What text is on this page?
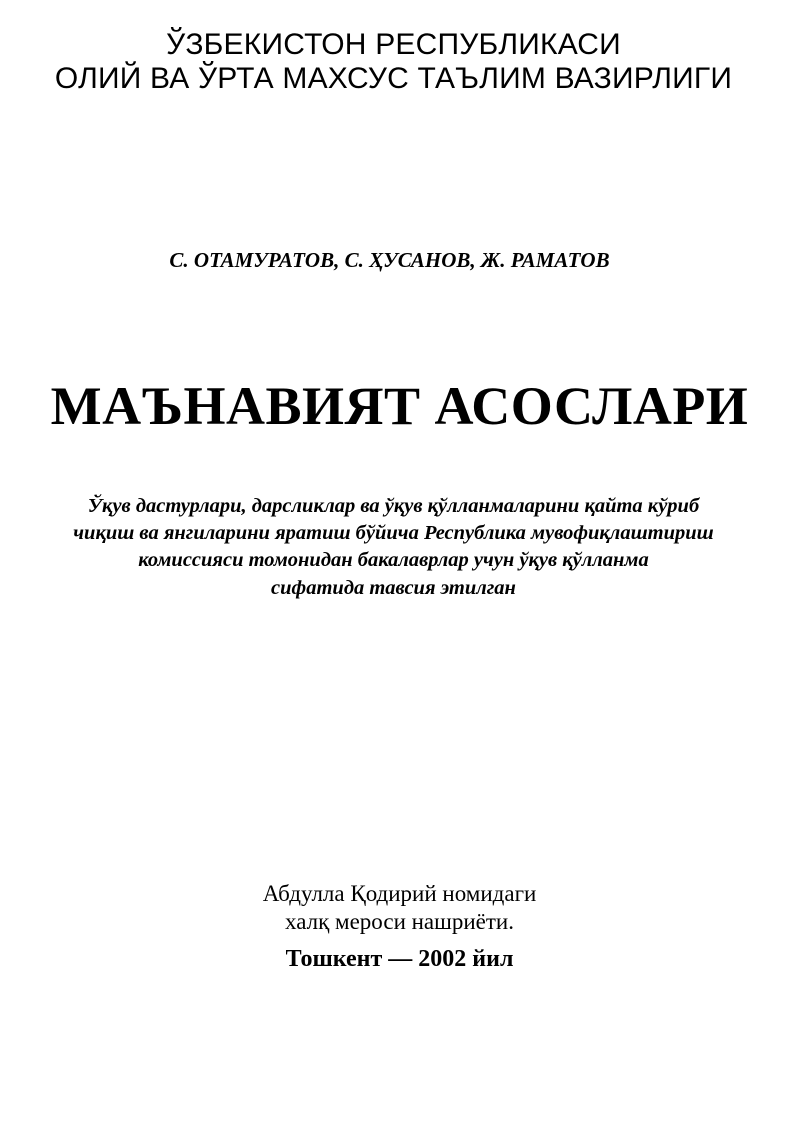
ЎЗБЕКИСТОН РЕСПУБЛИКАСИ
ОЛИЙ ВА ЎРТА МАХСУС ТАЪЛИМ ВАЗИРЛИГИ
С. ОТАМУРАТОВ, С. ҲУСАНОВ, Ж. РАМАТОВ
МАЪНАВИЯТ АСОСЛАРИ
Ўқув дастурлари, дарсликлар ва ўқув қўлланмаларини қайта кўриб
чиқиш ва янгиларини яратиш бўйича Республика мувофиқлаштириш
комиссияси томонидан бакалаврлар учун ўқув қўлланма
сифатида тавсия этилган
Абдулла Қодирий номидаги
халқ мероси нашриёти.
Тошкент — 2002 йил
